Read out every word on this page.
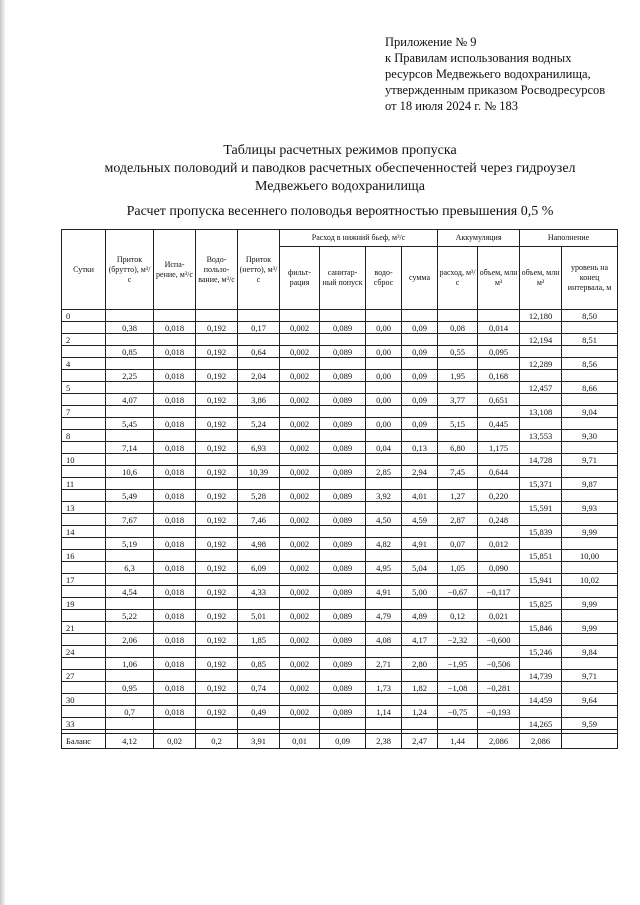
Приложение № 9
к Правилам использования водных
ресурсов Медвежьего водохранилища,
утвержденным приказом Росводресурсов
от 18 июля 2024 г. № 183
Таблицы расчетных режимов пропуска
модельных половодий и паводков расчетных обеспеченностей через гидроузел
Медвежьего водохранилища
Расчет пропуска весеннего половодья вероятностью превышения 0,5 %
Сутки	Приток (брутто), м³/с	Испа-рение, м³/с	Водо-пользо-вание, м³/с	Приток (нетто), м³/с	Расход в нижний бьеф, м³/с				Аккумуляция		Наполнение	
					фильт-рация	санитар-ный попуск	водо-сброс	сумма	расход, м³/с	объем, млн м³	объем, млн м³	уровень на конец интервала, м
0											12,180	8,50
	0,38	0,018	0,192	0,17	0,002	0,089	0,00	0,09	0,08	0,014		
2											12,194	8,51
	0,85	0,018	0,192	0,64	0,002	0,089	0,00	0,09	0,55	0,095		
4											12,289	8,56
	2,25	0,018	0,192	2,04	0,002	0,089	0,00	0,09	1,95	0,168		
5											12,457	8,66
	4,07	0,018	0,192	3,86	0,002	0,089	0,00	0,09	3,77	0,651		
7											13,108	9,04
	5,45	0,018	0,192	5,24	0,002	0,089	0,00	0,09	5,15	0,445		
8											13,553	9,30
	7,14	0,018	0,192	6,93	0,002	0,089	0,04	0,13	6,80	1,175		
10											14,728	9,71
	10,6	0,018	0,192	10,39	0,002	0,089	2,85	2,94	7,45	0,644		
11											15,371	9,87
	5,49	0,018	0,192	5,28	0,002	0,089	3,92	4,01	1,27	0,220		
13											15,591	9,93
	7,67	0,018	0,192	7,46	0,002	0,089	4,50	4,59	2,87	0,248		
14											15,839	9,99
	5,19	0,018	0,192	4,98	0,002	0,089	4,82	4,91	0,07	0,012		
16											15,851	10,00
	6,3	0,018	0,192	6,09	0,002	0,089	4,95	5,04	1,05	0,090		
17											15,941	10,02
	4,54	0,018	0,192	4,33	0,002	0,089	4,91	5,00	−0,67	−0,117		
19											15,825	9,99
	5,22	0,018	0,192	5,01	0,002	0,089	4,79	4,89	0,12	0,021		
21											15,846	9,99
	2,06	0,018	0,192	1,85	0,002	0,089	4,08	4,17	−2,32	−0,600		
24											15,246	9,84
	1,06	0,018	0,192	0,85	0,002	0,089	2,71	2,80	−1,95	−0,506		
27											14,739	9,71
	0,95	0,018	0,192	0,74	0,002	0,089	1,73	1,82	−1,08	−0,281		
30											14,459	9,64
	0,7	0,018	0,192	0,49	0,002	0,089	1,14	1,24	−0,75	−0,193		
33											14,265	9,59

Баланс	4,12	0,02	0,2	3,91	0,01	0,09	2,38	2,47	1,44	2,086	2,086	
